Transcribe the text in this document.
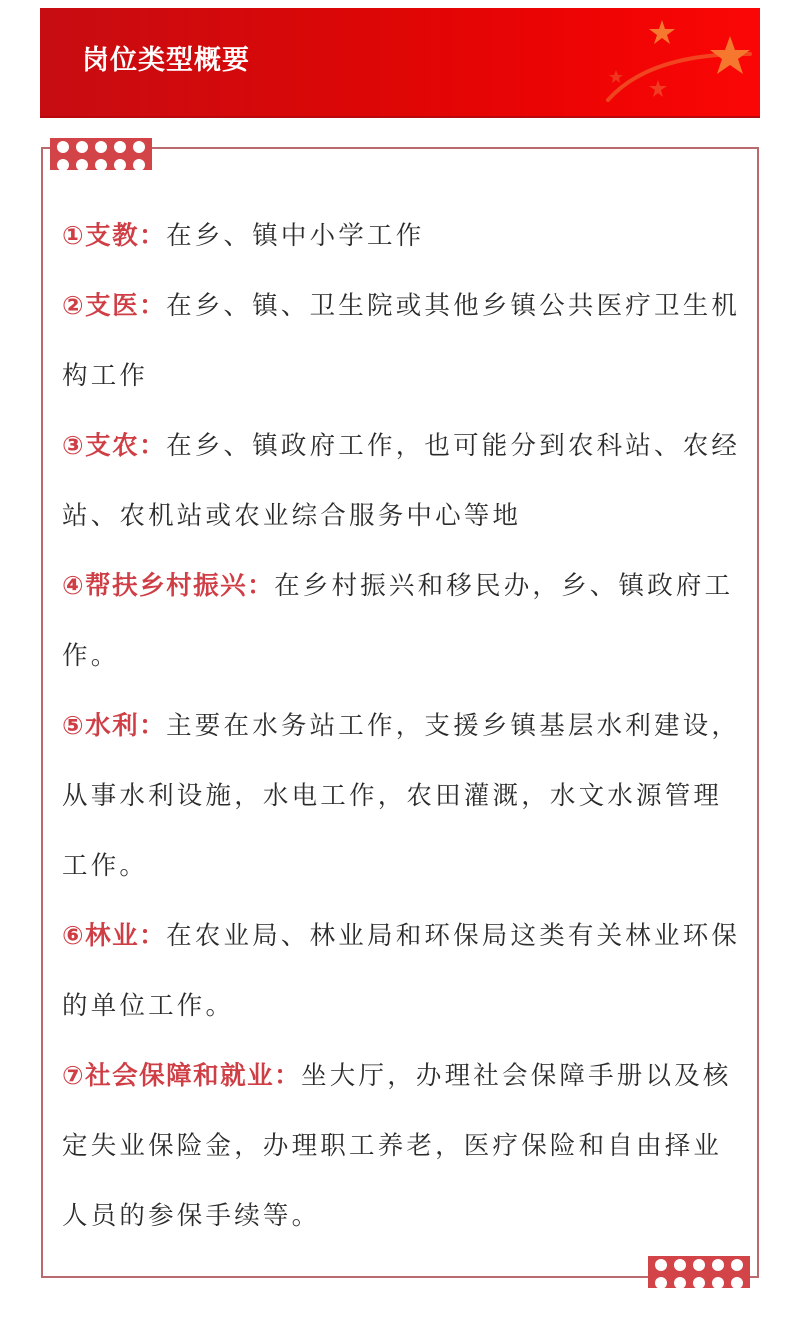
岗位类型概要

①支教：在乡、镇中小学工作

②支医：在乡、镇、卫生院或其他乡镇公共医疗卫生机构工作

③支农：在乡、镇政府工作，也可能分到农科站、农经站、农机站或农业综合服务中心等地

④帮扶乡村振兴：在乡村振兴和移民办，乡、镇政府工作。

⑤水利：主要在水务站工作，支援乡镇基层水利建设，从事水利设施，水电工作，农田灌溉，水文水源管理工作。

⑥林业：在农业局、林业局和环保局这类有关林业环保的单位工作。

⑦社会保障和就业：坐大厅，办理社会保障手册以及核定失业保险金，办理职工养老，医疗保险和自由择业人员的参保手续等。
